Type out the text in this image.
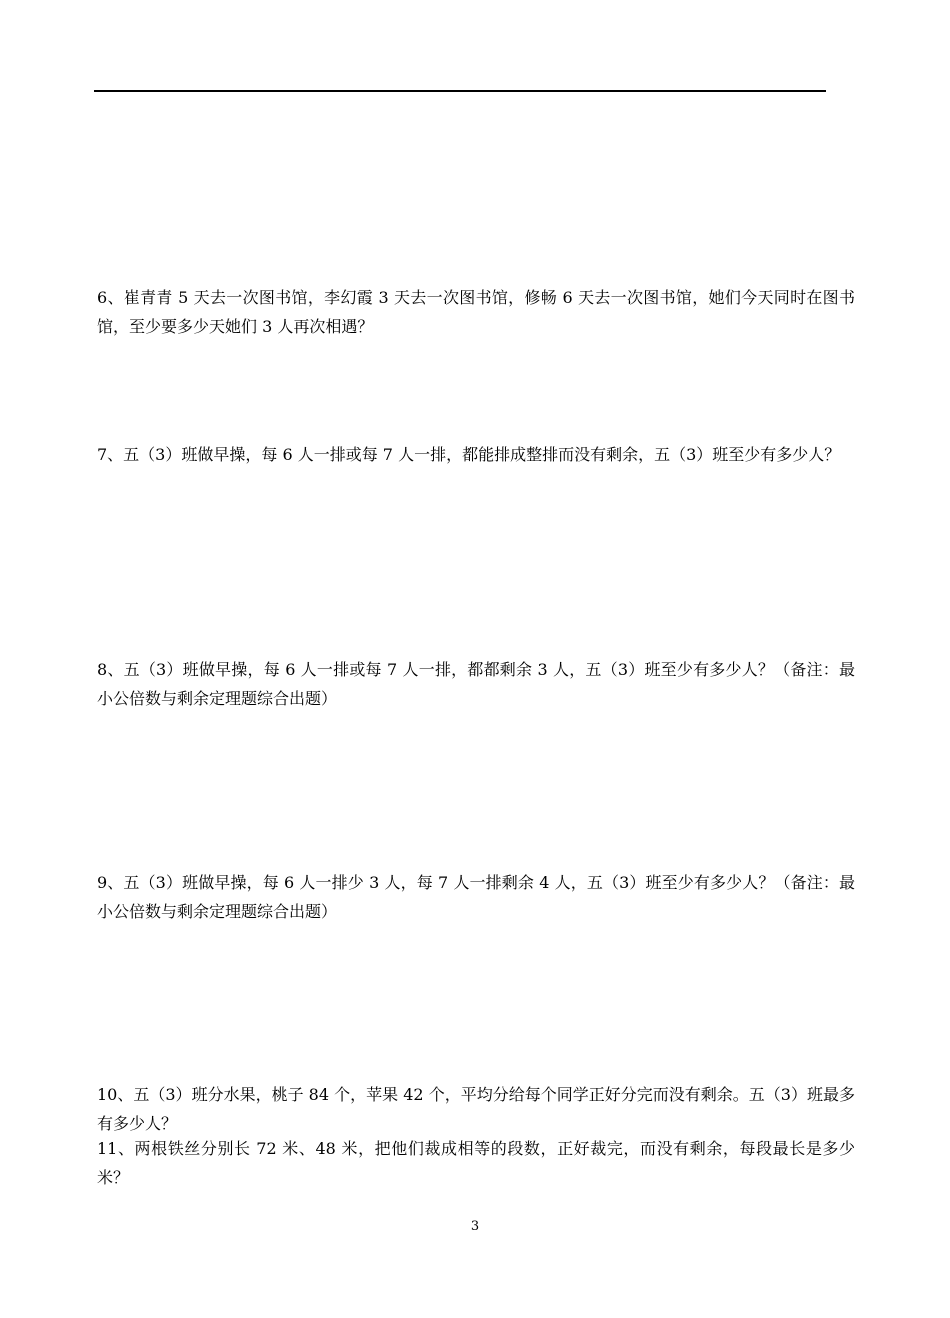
6、崔青青 5 天去一次图书馆，李幻霞 3 天去一次图书馆，修畅 6 天去一次图书馆，她们今天同时在图书馆，至少要多少天她们 3 人再次相遇？

7、五（3）班做早操，每 6 人一排或每 7 人一排，都能排成整排而没有剩余，五（3）班至少有多少人？

8、五（3）班做早操，每 6 人一排或每 7 人一排，都都剩余 3 人，五（3）班至少有多少人？（备注：最小公倍数与剩余定理题综合出题）

9、五（3）班做早操，每 6 人一排少 3 人，每 7 人一排剩余 4 人，五（3）班至少有多少人？（备注：最小公倍数与剩余定理题综合出题）

10、五（3）班分水果，桃子 84 个，苹果 42 个，平均分给每个同学正好分完而没有剩余。五（3）班最多有多少人？

11、两根铁丝分别长 72 米、48 米，把他们裁成相等的段数，正好裁完，而没有剩余，每段最长是多少米？

3
